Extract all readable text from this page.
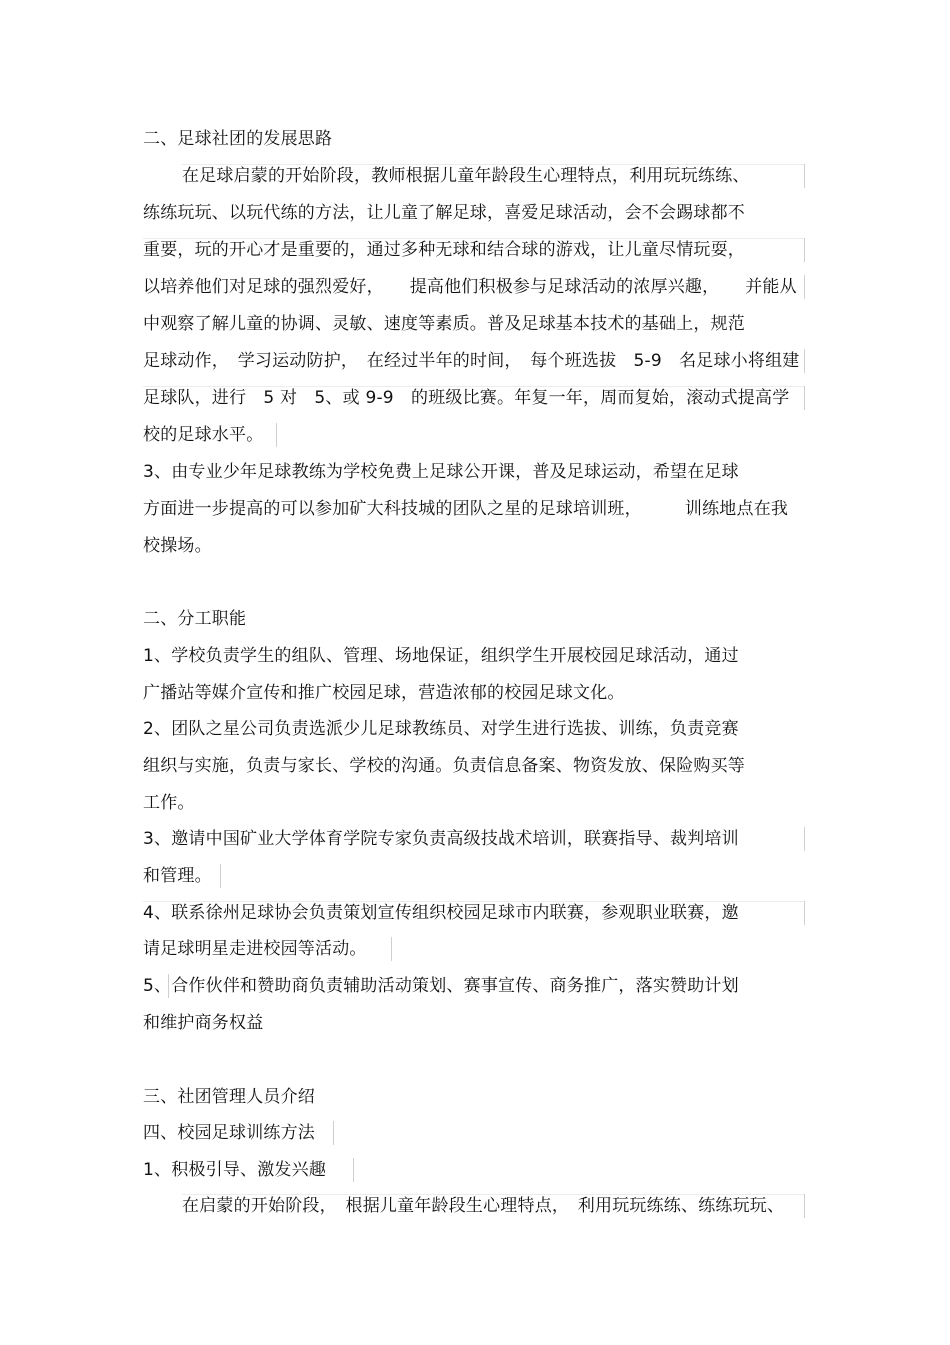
二、足球社团的发展思路
在足球启蒙的开始阶段，教师根据儿童年龄段生心理特点，利用玩玩练练、
练练玩玩、以玩代练的方法，让儿童了解足球，喜爱足球活动，会不会踢球都不
重要，玩的开心才是重要的，通过多种无球和结合球的游戏，让儿童尽情玩耍，
以培养他们对足球的强烈爱好，　　提高他们积极参与足球活动的浓厚兴趣，　　并能从
中观察了解儿童的协调、灵敏、速度等素质。普及足球基本技术的基础上，规范
足球动作，　学习运动防护，　在经过半年的时间，　每个班选拔　5-9　名足球小将组建
足球队，进行　5 对　5、或 9-9　的班级比赛。年复一年，周而复始，滚动式提高学
校的足球水平。
3、由专业少年足球教练为学校免费上足球公开课，普及足球运动，希望在足球
方面进一步提高的可以参加矿大科技城的团队之星的足球培训班，　　　训练地点在我
校操场。
二、分工职能
1、学校负责学生的组队、管理、场地保证，组织学生开展校园足球活动，通过
广播站等媒介宣传和推广校园足球，营造浓郁的校园足球文化。
2、团队之星公司负责选派少儿足球教练员、对学生进行选拔、训练，负责竞赛
组织与实施，负责与家长、学校的沟通。负责信息备案、物资发放、保险购买等
工作。
3、邀请中国矿业大学体育学院专家负责高级技战术培训，联赛指导、裁判培训
和管理。
4、联系徐州足球协会负责策划宣传组织校园足球市内联赛，参观职业联赛，邀
请足球明星走进校园等活动。
5、合作伙伴和赞助商负责辅助活动策划、赛事宣传、商务推广，落实赞助计划
和维护商务权益
三、社团管理人员介绍
四、校园足球训练方法
1、积极引导、激发兴趣
在启蒙的开始阶段，　根据儿童年龄段生心理特点，　利用玩玩练练、练练玩玩、
